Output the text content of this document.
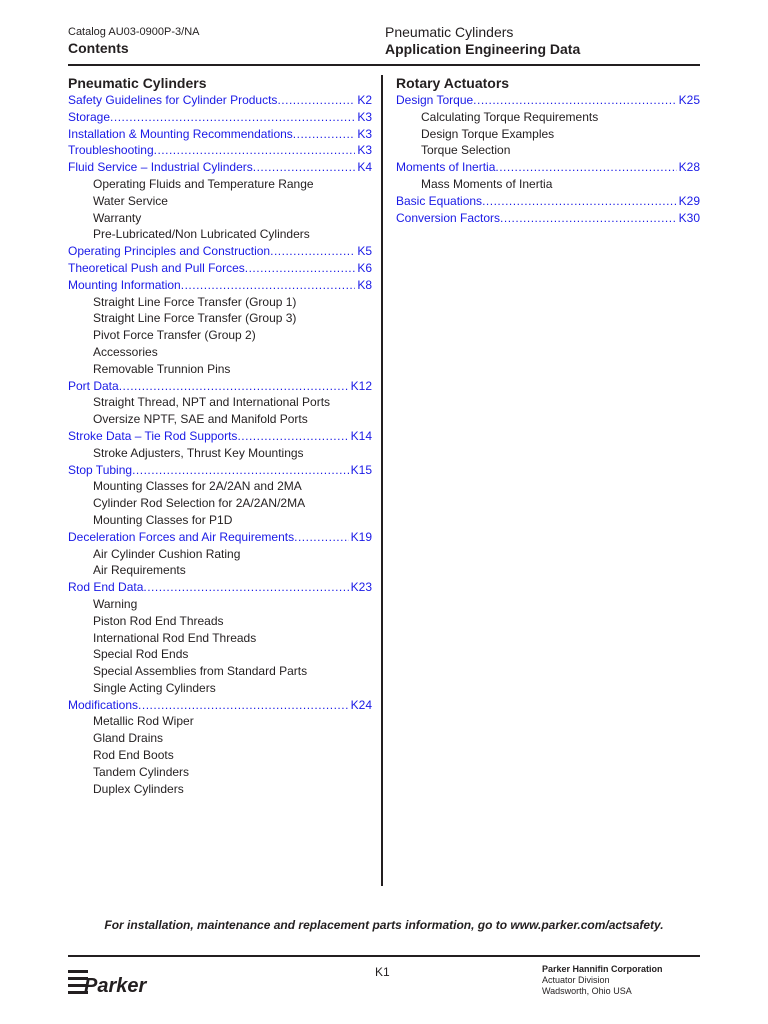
Catalog AU03-0900P-3/NA
Contents
Pneumatic Cylinders
Application Engineering Data
Pneumatic Cylinders
Safety Guidelines for Cylinder Products .....	K2
Storage .....	K3
Installation & Mounting Recommendations .....	K3
Troubleshooting .....	K3
Fluid Service – Industrial Cylinders .....	K4
Operating Fluids and Temperature Range
Water Service
Warranty
Pre-Lubricated/Non Lubricated Cylinders
Operating Principles and Construction .....	K5
Theoretical Push and Pull Forces .....	K6
Mounting Information .....	K8
Straight Line Force Transfer (Group 1)
Straight Line Force Transfer (Group 3)
Pivot Force Transfer (Group 2)
Accessories
Removable Trunnion Pins
Port Data .....	K12
Straight Thread, NPT and International Ports
Oversize NPTF, SAE and Manifold Ports
Stroke Data – Tie Rod Supports .....	K14
Stroke Adjusters, Thrust Key Mountings
Stop Tubing .....	K15
Mounting Classes for 2A/2AN and 2MA
Cylinder Rod Selection for 2A/2AN/2MA
Mounting Classes for P1D
Deceleration Forces and Air Requirements .....	K19
Air Cylinder Cushion Rating
Air Requirements
Rod End Data .....	K23
Warning
Piston Rod End Threads
International Rod End Threads
Special Rod Ends
Special Assemblies from Standard Parts
Single Acting Cylinders
Modifications .....	K24
Metallic Rod Wiper
Gland Drains
Rod End Boots
Tandem Cylinders
Duplex Cylinders
Rotary Actuators
Design Torque .....	K25
Calculating Torque Requirements
Design Torque Examples
Torque Selection
Moments of Inertia .....	K28
Mass Moments of Inertia
Basic Equations .....	K29
Conversion Factors .....	K30
For installation, maintenance and replacement parts information, go to www.parker.com/actsafety.
Parker
K1	Parker Hannifin Corporation
Actuator Division
Wadsworth, Ohio USA
